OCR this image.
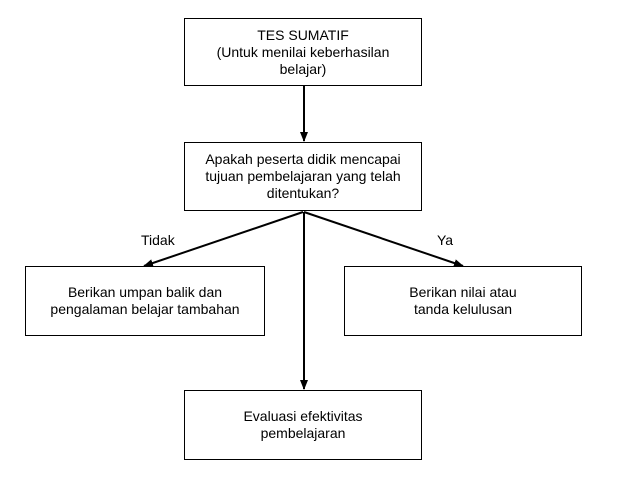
TES SUMATIF
(Untuk menilai keberhasilan
belajar)
Apakah peserta didik mencapai
tujuan pembelajaran yang telah
ditentukan?
Tidak	Ya
Berikan umpan balik dan
pengalaman belajar tambahan
Berikan nilai atau
tanda kelulusan
Evaluasi efektivitas
pembelajaran
